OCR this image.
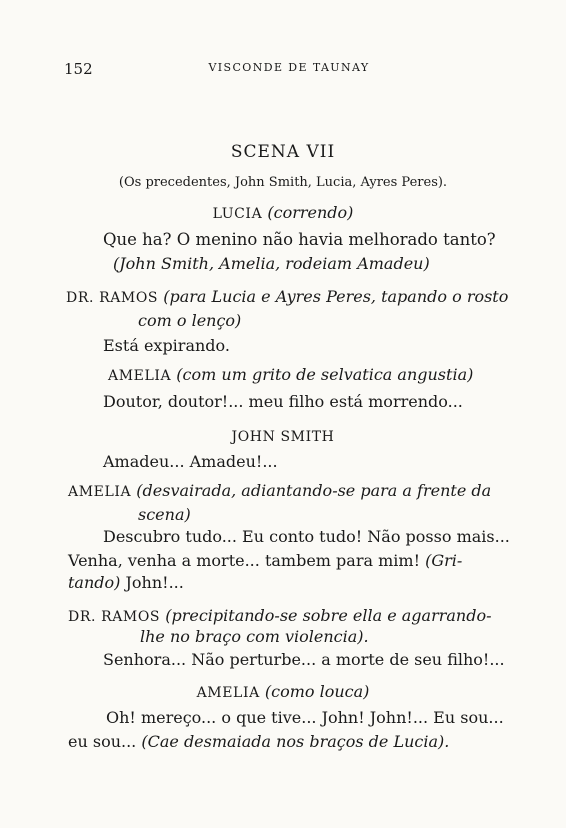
152	VISCONDE DE TAUNAY
SCENA VII
(Os precedentes, John Smith, Lucia, Ayres Peres).
LUCIA (correndo)
Que ha? O menino não havia melhorado tanto?
(John Smith, Amelia, rodeiam Amadeu)
DR. RAMOS (para Lucia e Ayres Peres, tapando o rosto
com o lenço)
Está expirando.
AMELIA (com um grito de selvatica angustia)
Doutor, doutor!... meu filho está morrendo...
JOHN SMITH
Amadeu... Amadeu!...
AMELIA (desvairada, adiantando-se para a frente da
scena)
Descubro tudo... Eu conto tudo! Não posso mais...
Venha, venha a morte... tambem para mim! (Gri-
tando) John!...
DR. RAMOS (precipitando-se sobre ella e agarrando-
lhe no braço com violencia).
Senhora... Não perturbe... a morte de seu filho!...
AMELIA (como louca)
Oh! mereço... o que tive... John! John!... Eu sou...
eu sou... (Cae desmaiada nos braços de Lucia).
